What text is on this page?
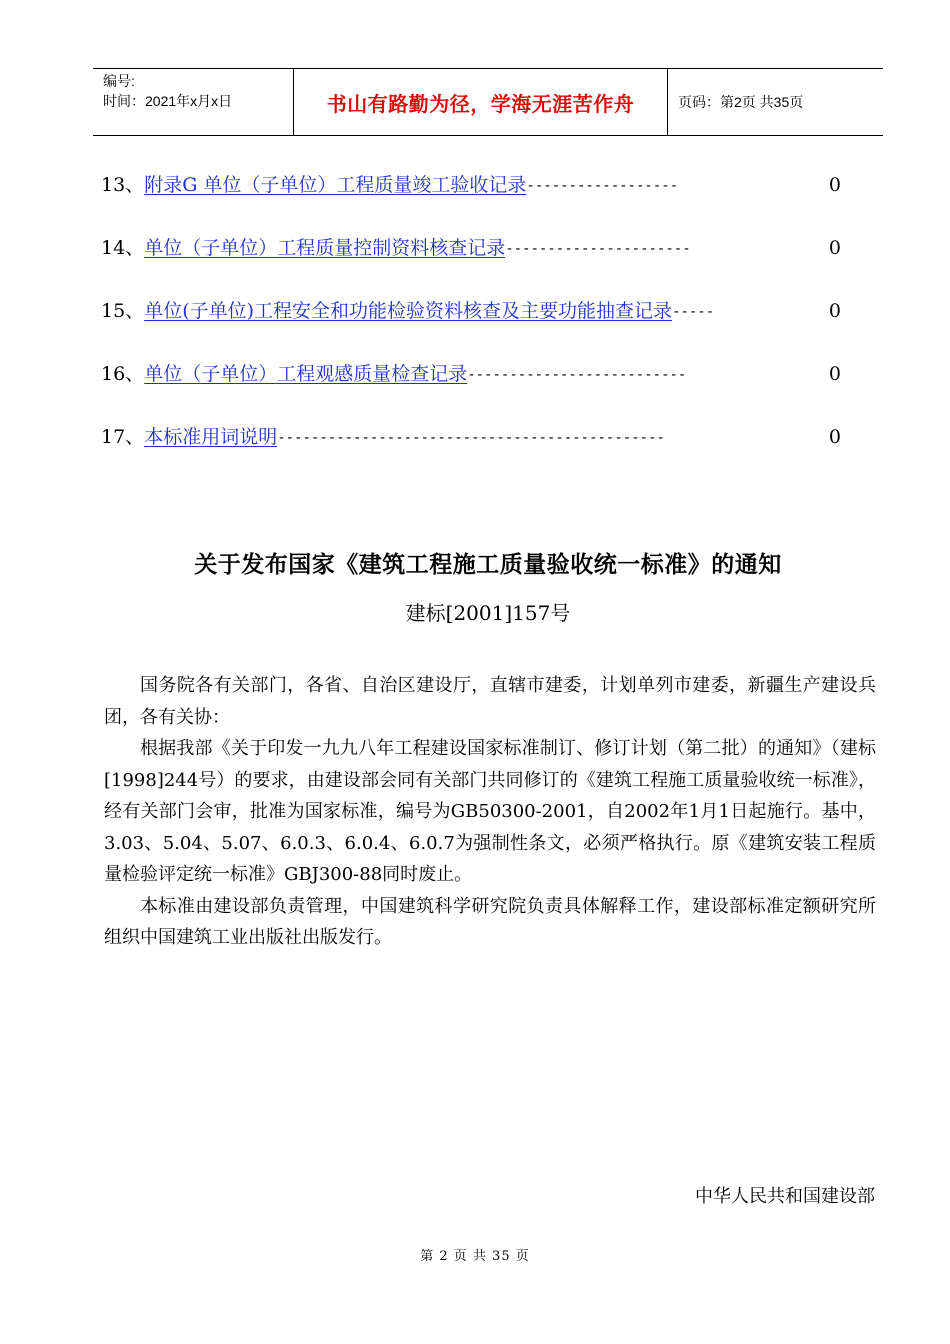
编号:
时间：2021年x月x日	书山有路勤为径，学海无涯苦作舟	页码：第2页 共35页
13、 附录G 单位（子单位）工程质量竣工验收记录 ------------------	0
14、 单位（子单位）工程质量控制资料核查记录 ----------------------	0
15、 单位(子单位)工程安全和功能检验资料核查及主要功能抽查记录 -----	0
16、 单位（子单位）工程观感质量检查记录 --------------------------	0
17、 本标准用词说明 ----------------------------------------------	0
关于发布国家《建筑工程施工质量验收统一标准》的通知
建标[2001]157号

国务院各有关部门，各省、自治区建设厅，直辖市建委，计划单列市建委，新疆生产建设兵团，各有关协：

根据我部《关于印发一九九八年工程建设国家标准制订、修订计划（第二批）的通知》（建标[1998]244号）的要求，由建设部会同有关部门共同修订的《建筑工程施工质量验收统一标准》，经有关部门会审，批准为国家标准，编号为GB50300-2001，自2002年1月1日起施行。基中，3.03、5.04、5.07、6.0.3、6.0.4、6.0.7为强制性条文，必须严格执行。原《建筑安装工程质量检验评定统一标准》GBJ300-88同时废止。

本标准由建设部负责管理，中国建筑科学研究院负责具体解释工作，建设部标准定额研究所组织中国建筑工业出版社出版发行。

中华人民共和国建设部
第 2 页 共 35 页
